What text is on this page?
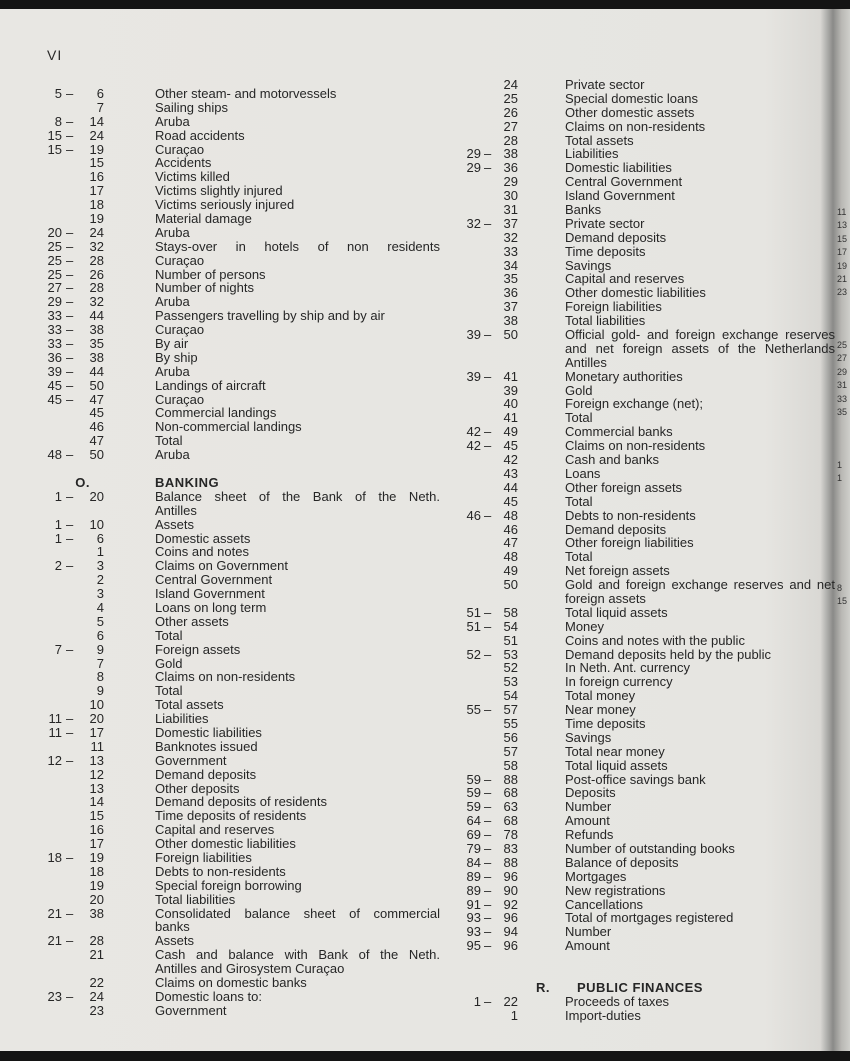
VI
5 –	6	Other steam- and motorvessels
7	Sailing ships
8 –	14	Aruba
15 –	24	Road accidents
15 –	19	Curaçao
15	Accidents
16	Victims killed
17	Victims slightly injured
18	Victims seriously injured
19	Material damage
20 –	24	Aruba
25 –	32	Stays-over in hotels of non residents
25 –	28	Curaçao
25 –	26	Number of persons
27 –	28	Number of nights
29 –	32	Aruba
33 –	44	Passengers travelling by ship and by air
33 –	38	Curaçao
33 –	35	By air
36 –	38	By ship
39 –	44	Aruba
45 –	50	Landings of aircraft
45 –	47	Curaçao
45	Commercial landings
46	Non-commercial landings
47	Total
48 –	50	Aruba
O.	BANKING
1 –	20	Balance sheet of the Bank of the Neth.
Antilles
1 –	10	Assets
1 –	6	Domestic assets
1	Coins and notes
2 –	3	Claims on Government
2	Central Government
3	Island Government
4	Loans on long term
5	Other assets
6	Total
7 –	9	Foreign assets
7	Gold
8	Claims on non-residents
9	Total
10	Total assets
11 –	20	Liabilities
11 –	17	Domestic liabilities
11	Banknotes issued
12 –	13	Government
12	Demand deposits
13	Other deposits
14	Demand deposits of residents
15	Time deposits of residents
16	Capital and reserves
17	Other domestic liabilities
18 –	19	Foreign liabilities
18	Debts to non-residents
19	Special foreign borrowing
20	Total liabilities
21 –	38	Consolidated balance sheet of commercial
banks
21 –	28	Assets
21	Cash and balance with Bank of the Neth.
Antilles and Girosystem Curaçao
22	Claims on domestic banks
23 –	24	Domestic loans to:
23	Government
24	Private sector
25	Special domestic loans
26	Other domestic assets
27	Claims on non-residents
28	Total assets
29 – 38	Liabilities
29 – 36	Domestic liabilities
29	Central Government
30	Island Government
31	Banks
32 – 37	Private sector
32	Demand deposits
33	Time deposits
34	Savings
35	Capital and reserves
36	Other domestic liabilities
37	Foreign liabilities
38	Total liabilities
39 – 50	Official gold- and foreign exchange reserves
and net foreign assets of the Netherlands
Antilles
39 – 41	Monetary authorities
39	Gold
40	Foreign exchange (net);
41	Total
42 – 49	Commercial banks
42 – 45	Claims on non-residents
42	Cash and banks
43	Loans
44	Other foreign assets
45	Total
46 – 48	Debts to non-residents
46	Demand deposits
47	Other foreign liabilities
48	Total
49	Net foreign assets
50	Gold and foreign exchange reserves and net
foreign assets
51 – 58	Total liquid assets
51 – 54	Money
51	Coins and notes with the public
52 – 53	Demand deposits held by the public
52	In Neth. Ant. currency
53	In foreign currency
54	Total money
55 – 57	Near money
55	Time deposits
56	Savings
57	Total near money
58	Total liquid assets
59 – 88	Post-office savings bank
59 – 68	Deposits
59 – 63	Number
64 – 68	Amount
69 – 78	Refunds
79 – 83	Number of outstanding books
84 – 88	Balance of deposits
89 – 96	Mortgages
89 – 90	New registrations
91 – 92	Cancellations
93 – 96	Total of mortgages registered
93 – 94	Number
95 – 96	Amount
R. PUBLIC FINANCES
1 – 22	Proceeds of taxes
1	Import-duties
11
13
15
17
19
21
23
25
27
29
31
33
35
1
1
8
15
